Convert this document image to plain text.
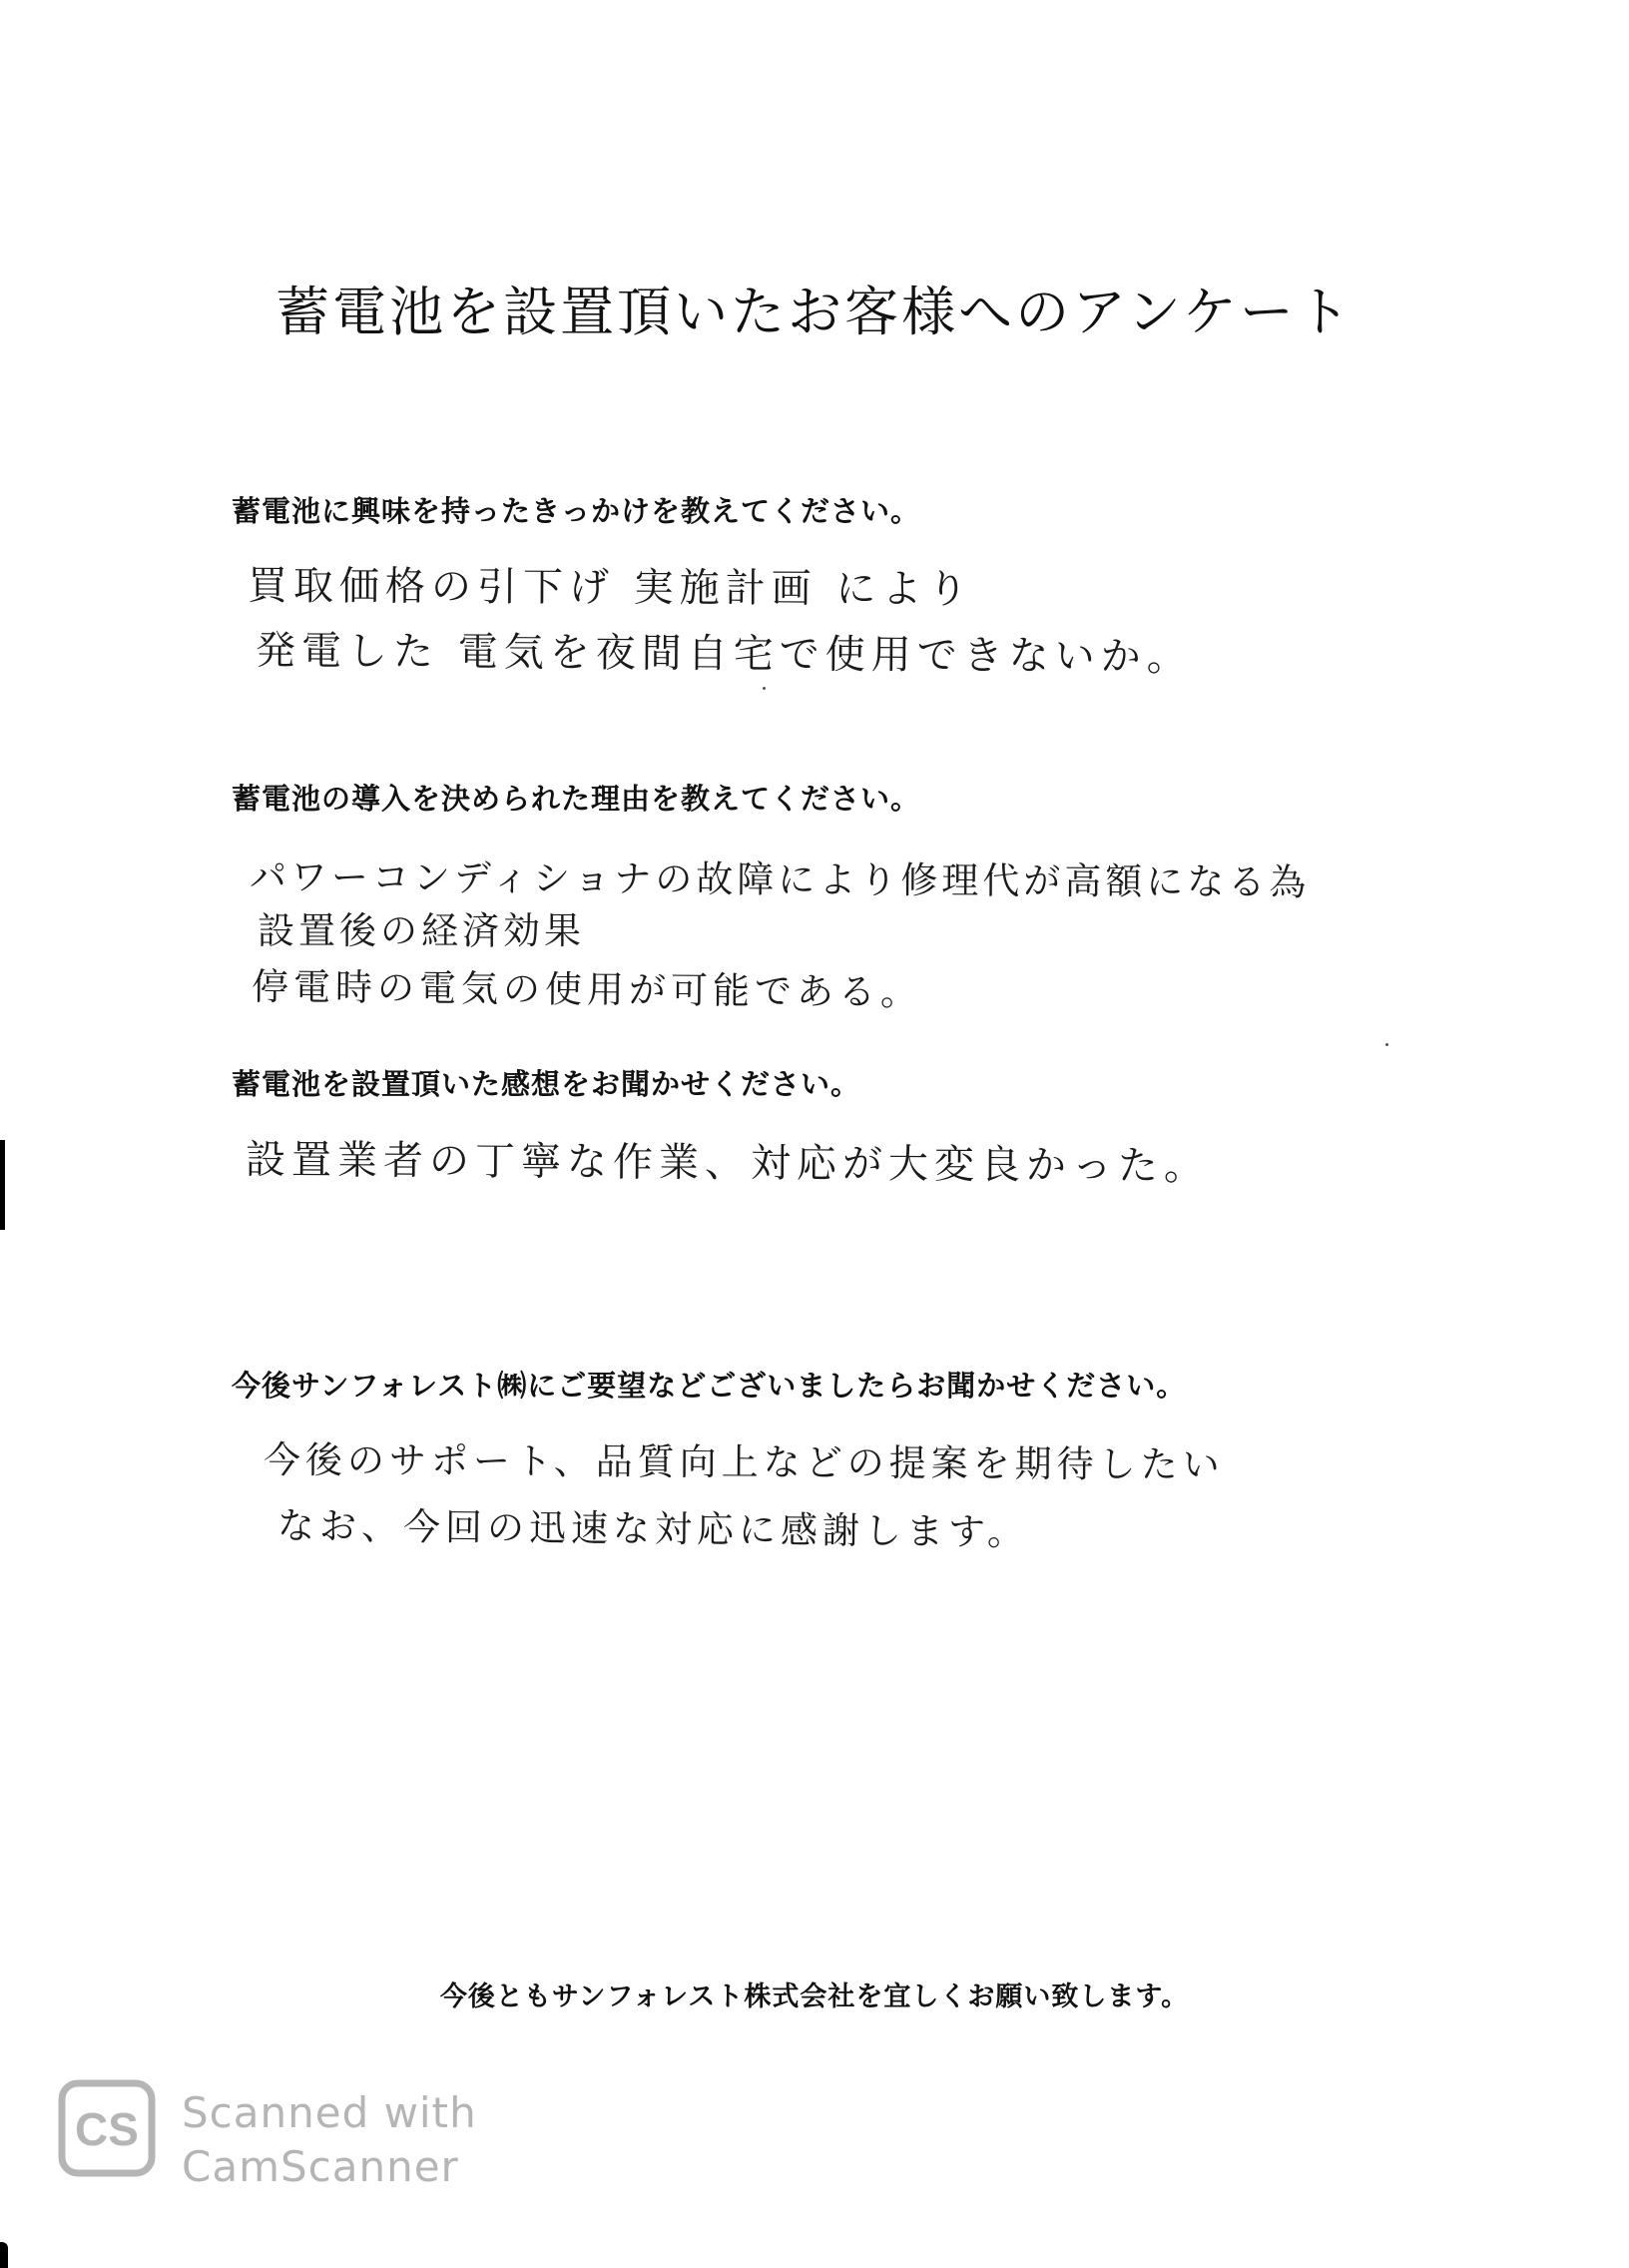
蓄電池を設置頂いたお客様へのアンケート
蓄電池に興味を持ったきっかけを教えてください。
買取価格の引下げ 実施計画 により
発電した 電気を夜間自宅で使用できないか。
蓄電池の導入を決められた理由を教えてください。
パワーコンディショナの故障により修理代が高額になる為
設置後の経済効果
停電時の電気の使用が可能である。
蓄電池を設置頂いた感想をお聞かせください。
設置業者の丁寧な作業、対応が大変良かった。
今後サンフォレスト㈱にご要望などございましたらお聞かせください。
今後のサポート、品質向上などの提案を期待したい
なお、今回の迅速な対応に感謝します。
今後ともサンフォレスト株式会社を宜しくお願い致します。
CS Scanned with
CamScanner
